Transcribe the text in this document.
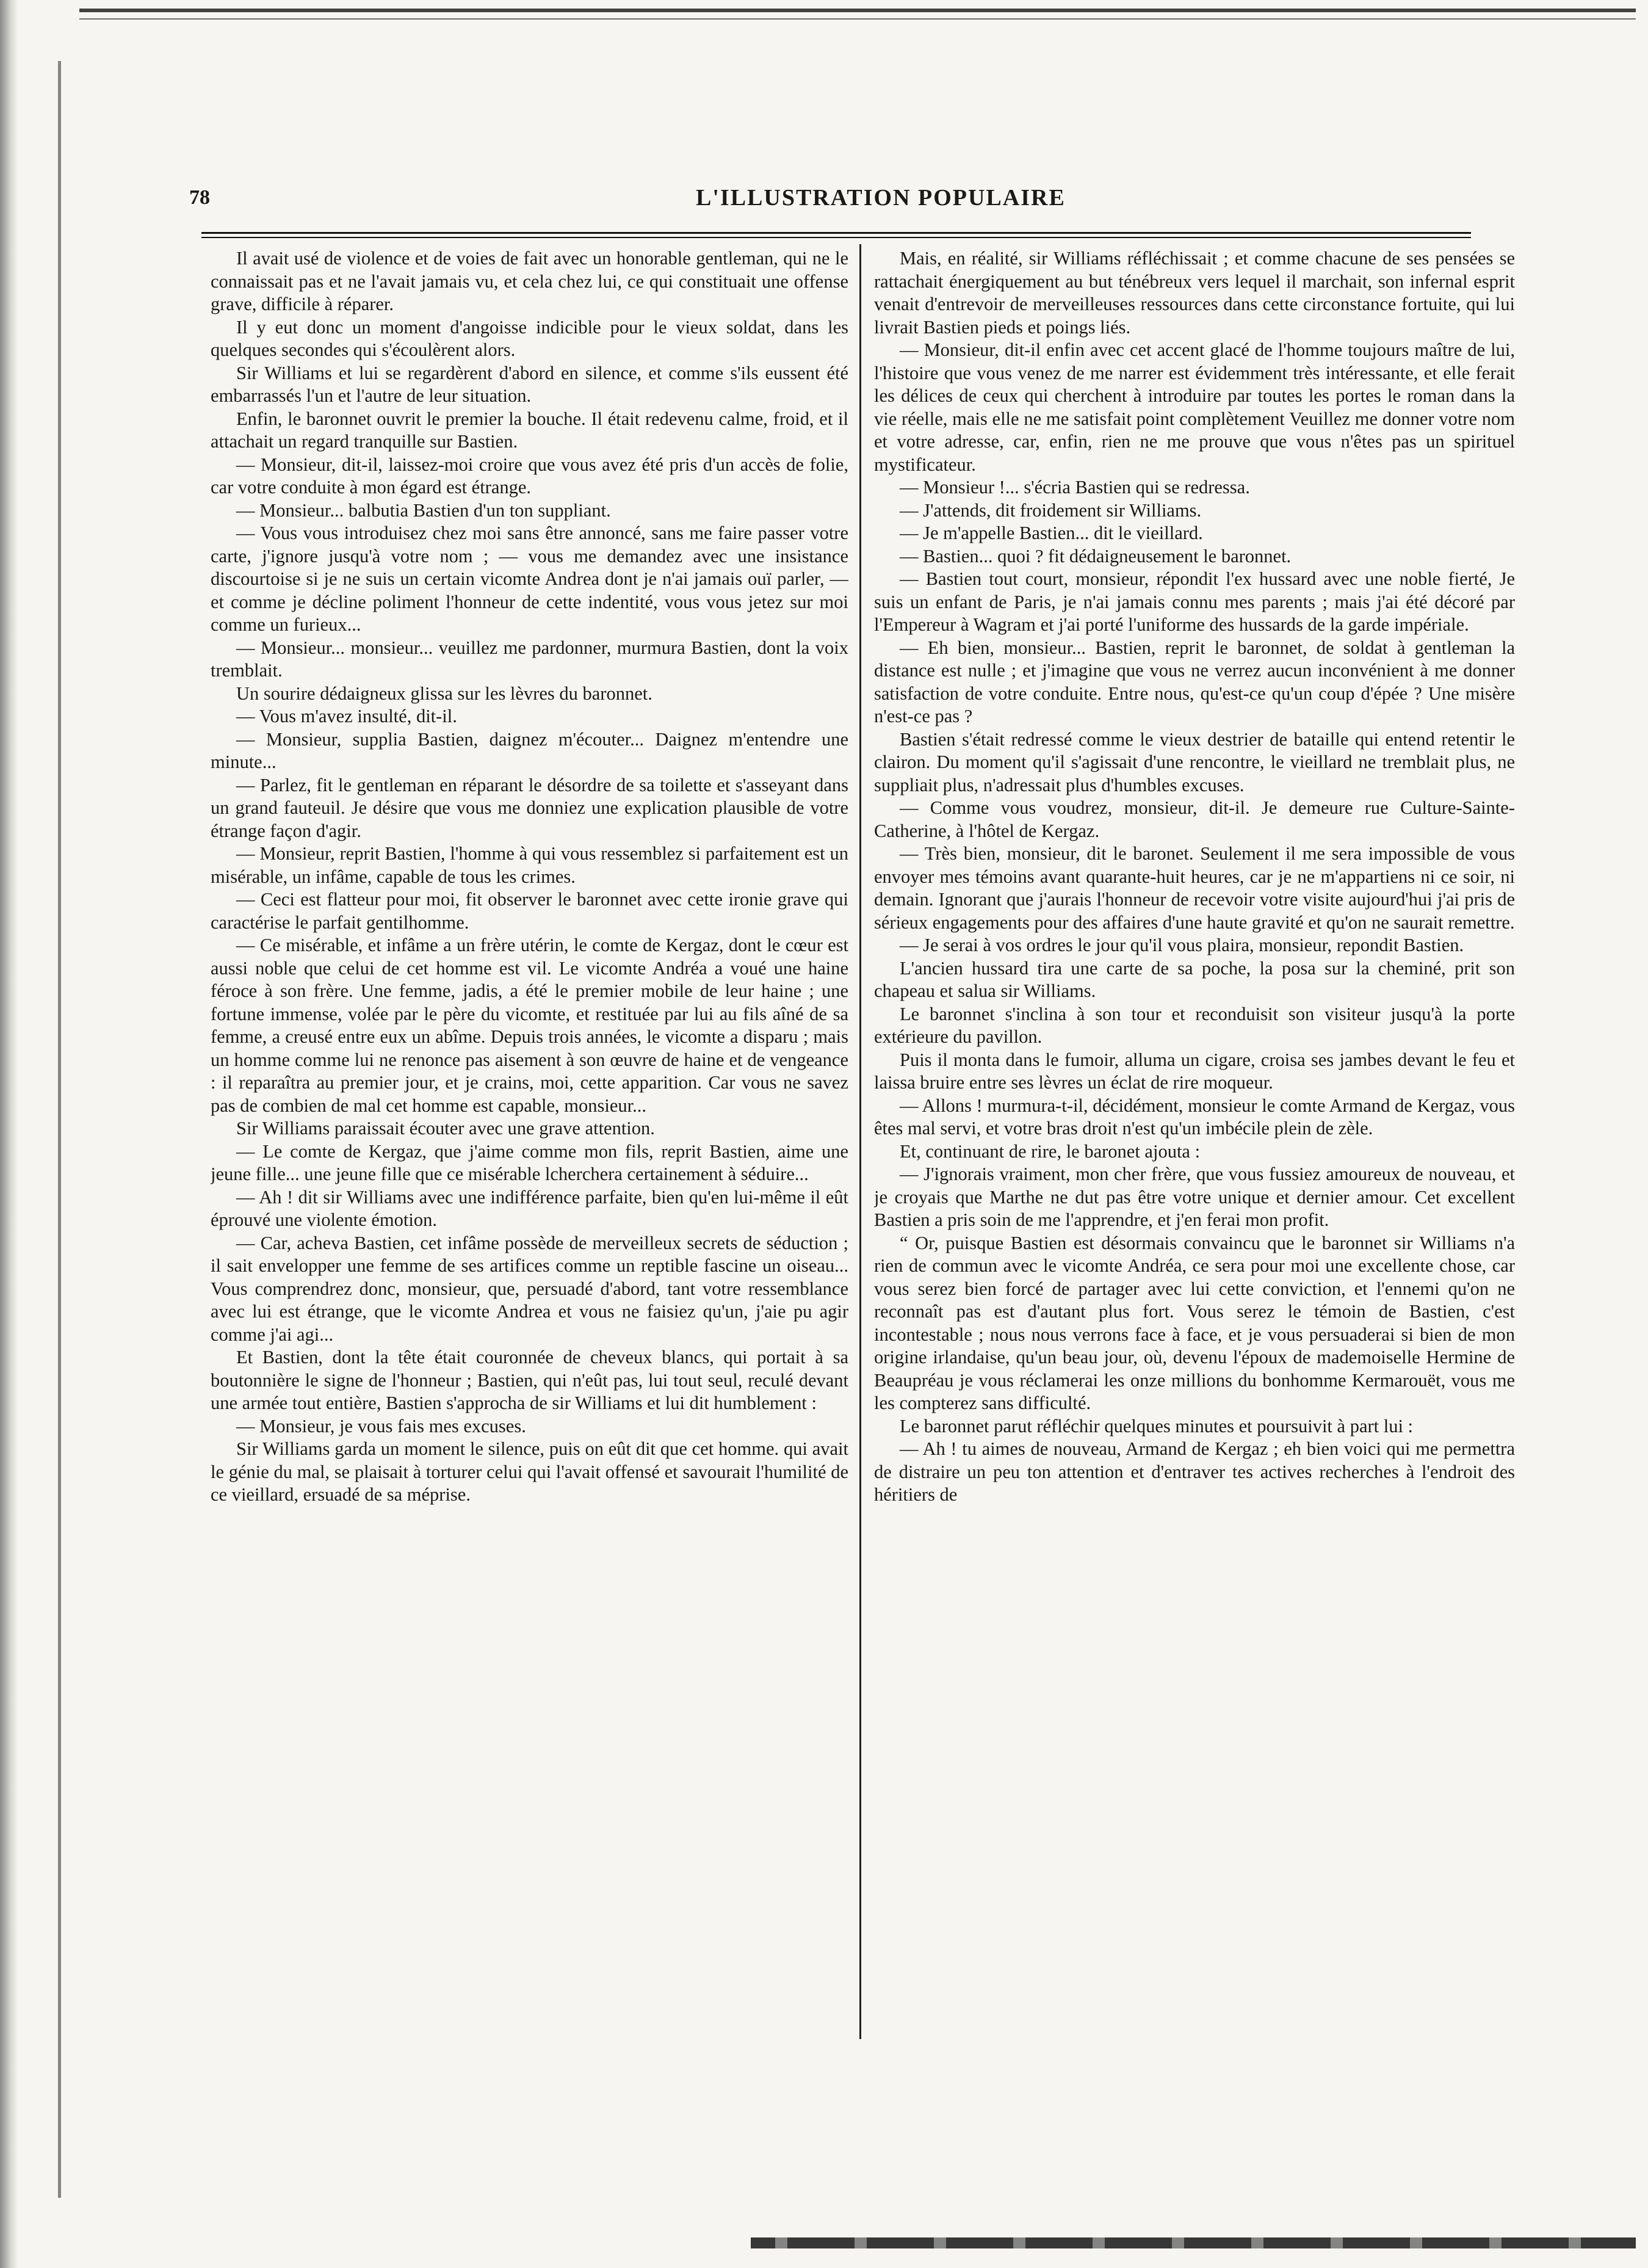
78	L'ILLUSTRATION POPULAIRE

Il avait usé de violence et de voies de fait avec un honorable gentleman, qui ne le connaissait pas et ne l'avait jamais vu, et cela chez lui, ce qui constituait une offense grave, difficile à réparer.

Il y eut donc un moment d'angoisse indicible pour le vieux soldat, dans les quelques secondes qui s'écoulèrent alors.

Sir Williams et lui se regardèrent d'abord en silence, et comme s'ils eussent été embarrassés l'un et l'autre de leur situation.

Enfin, le baronnet ouvrit le premier la bouche. Il était redevenu calme, froid, et il attachait un regard tranquille sur Bastien.

— Monsieur, dit-il, laissez-moi croire que vous avez été pris d'un accès de folie, car votre conduite à mon égard est étrange.

— Monsieur... balbutia Bastien d'un ton suppliant.

— Vous vous introduisez chez moi sans être annoncé, sans me faire passer votre carte, j'ignore jusqu'à votre nom ; — vous me demandez avec une insistance discourtoise si je ne suis un certain vicomte Andrea dont je n'ai jamais ouï parler, — et comme je décline poliment l'honneur de cette indentité, vous vous jetez sur moi comme un furieux...

— Monsieur... monsieur... veuillez me pardonner, murmura Bastien, dont la voix tremblait.

Un sourire dédaigneux glissa sur les lèvres du baronnet.

— Vous m'avez insulté, dit-il.

— Monsieur, supplia Bastien, daignez m'écouter... Daignez m'entendre une minute...

— Parlez, fit le gentleman en réparant le désordre de sa toilette et s'asseyant dans un grand fauteuil. Je désire que vous me donniez une explication plausible de votre étrange façon d'agir.

— Monsieur, reprit Bastien, l'homme à qui vous ressemblez si parfaitement est un misérable, un infâme, capable de tous les crimes.

— Ceci est flatteur pour moi, fit observer le baronnet avec cette ironie grave qui caractérise le parfait gentilhomme.

— Ce misérable, et infâme a un frère utérin, le comte de Kergaz, dont le cœur est aussi noble que celui de cet homme est vil. Le vicomte Andréa a voué une haine féroce à son frère. Une femme, jadis, a été le premier mobile de leur haine ; une fortune immense, volée par le père du vicomte, et restituée par lui au fils aîné de sa femme, a creusé entre eux un abîme. Depuis trois années, le vicomte a disparu ; mais un homme comme lui ne renonce pas aisement à son œuvre de haine et de vengeance : il reparaîtra au premier jour, et je crains, moi, cette apparition. Car vous ne savez pas de combien de mal cet homme est capable, monsieur...

Sir Williams paraissait écouter avec une grave attention.

— Le comte de Kergaz, que j'aime comme mon fils, reprit Bastien, aime une jeune fille... une jeune fille que ce misérable lcherchera certainement à séduire...

— Ah ! dit sir Williams avec une indifférence parfaite, bien qu'en lui-même il eût éprouvé une violente émotion.

— Car, acheva Bastien, cet infâme possède de merveilleux secrets de séduction ; il sait envelopper une femme de ses artifices comme un reptible fascine un oiseau... Vous comprendrez donc, monsieur, que, persuadé d'abord, tant votre ressemblance avec lui est étrange, que le vicomte Andrea et vous ne faisiez qu'un, j'aie pu agir comme j'ai agi...

Et Bastien, dont la tête était couronnée de cheveux blancs, qui portait à sa boutonnière le signe de l'honneur ; Bastien, qui n'eût pas, lui tout seul, reculé devant une armée tout entière, Bastien s'approcha de sir Williams et lui dit humblement :

— Monsieur, je vous fais mes excuses.

Sir Williams garda un moment le silence, puis on eût dit que cet homme. qui avait le génie du mal, se plaisait à torturer celui qui l'avait offensé et savourait l'humilité de ce vieillard, ersuadé de sa méprise.

Mais, en réalité, sir Williams réfléchissait ; et comme chacune de ses pensées se rattachait énergiquement au but ténébreux vers lequel il marchait, son infernal esprit venait d'entrevoir de merveilleuses ressources dans cette circonstance fortuite, qui lui livrait Bastien pieds et poings liés.

— Monsieur, dit-il enfin avec cet accent glacé de l'homme toujours maître de lui, l'histoire que vous venez de me narrer est évidemment très intéressante, et elle ferait les délices de ceux qui cherchent à introduire par toutes les portes le roman dans la vie réelle, mais elle ne me satisfait point complètement Veuillez me donner votre nom et votre adresse, car, enfin, rien ne me prouve que vous n'êtes pas un spirituel mystificateur.

— Monsieur !... s'écria Bastien qui se redressa.

— J'attends, dit froidement sir Williams.

— Je m'appelle Bastien... dit le vieillard.

— Bastien... quoi ? fit dédaigneusement le baronnet.

— Bastien tout court, monsieur, répondit l'ex hussard avec une noble fierté, Je suis un enfant de Paris, je n'ai jamais connu mes parents ; mais j'ai été décoré par l'Empereur à Wagram et j'ai porté l'uniforme des hussards de la garde impériale.

— Eh bien, monsieur... Bastien, reprit le baronnet, de soldat à gentleman la distance est nulle ; et j'imagine que vous ne verrez aucun inconvénient à me donner satisfaction de votre conduite. Entre nous, qu'est-ce qu'un coup d'épée ? Une misère n'est-ce pas ?

Bastien s'était redressé comme le vieux destrier de bataille qui entend retentir le clairon. Du moment qu'il s'agissait d'une rencontre, le vieillard ne tremblait plus, ne suppliait plus, n'adressait plus d'humbles excuses.

— Comme vous voudrez, monsieur, dit-il. Je demeure rue Culture-Sainte-Catherine, à l'hôtel de Kergaz.

— Très bien, monsieur, dit le baronet. Seulement il me sera impossible de vous envoyer mes témoins avant quarante-huit heures, car je ne m'appartiens ni ce soir, ni demain. Ignorant que j'aurais l'honneur de recevoir votre visite aujourd'hui j'ai pris de sérieux engagements pour des affaires d'une haute gravité et qu'on ne saurait remettre.

— Je serai à vos ordres le jour qu'il vous plaira, monsieur, repondit Bastien.

L'ancien hussard tira une carte de sa poche, la posa sur la cheminé, prit son chapeau et salua sir Williams.

Le baronnet s'inclina à son tour et reconduisit son visiteur jusqu'à la porte extérieure du pavillon.

Puis il monta dans le fumoir, alluma un cigare, croisa ses jambes devant le feu et laissa bruire entre ses lèvres un éclat de rire moqueur.

— Allons ! murmura-t-il, décidément, monsieur le comte Armand de Kergaz, vous êtes mal servi, et votre bras droit n'est qu'un imbécile plein de zèle.

Et, continuant de rire, le baronet ajouta :

— J'ignorais vraiment, mon cher frère, que vous fussiez amoureux de nouveau, et je croyais que Marthe ne dut pas être votre unique et dernier amour. Cet excellent Bastien a pris soin de me l'apprendre, et j'en ferai mon profit.

“ Or, puisque Bastien est désormais convaincu que le baronnet sir Williams n'a rien de commun avec le vicomte Andréa, ce sera pour moi une excellente chose, car vous serez bien forcé de partager avec lui cette conviction, et l'ennemi qu'on ne reconnaît pas est d'autant plus fort. Vous serez le témoin de Bastien, c'est incontestable ; nous nous verrons face à face, et je vous persuaderai si bien de mon origine irlandaise, qu'un beau jour, où, devenu l'époux de mademoiselle Hermine de Beaupréau je vous réclamerai les onze millions du bonhomme Kermarouët, vous me les compterez sans difficulté.

Le baronnet parut réfléchir quelques minutes et poursuivit à part lui :

— Ah ! tu aimes de nouveau, Armand de Kergaz ; eh bien voici qui me permettra de distraire un peu ton attention et d'entraver tes actives recherches à l'endroit des héritiers de
